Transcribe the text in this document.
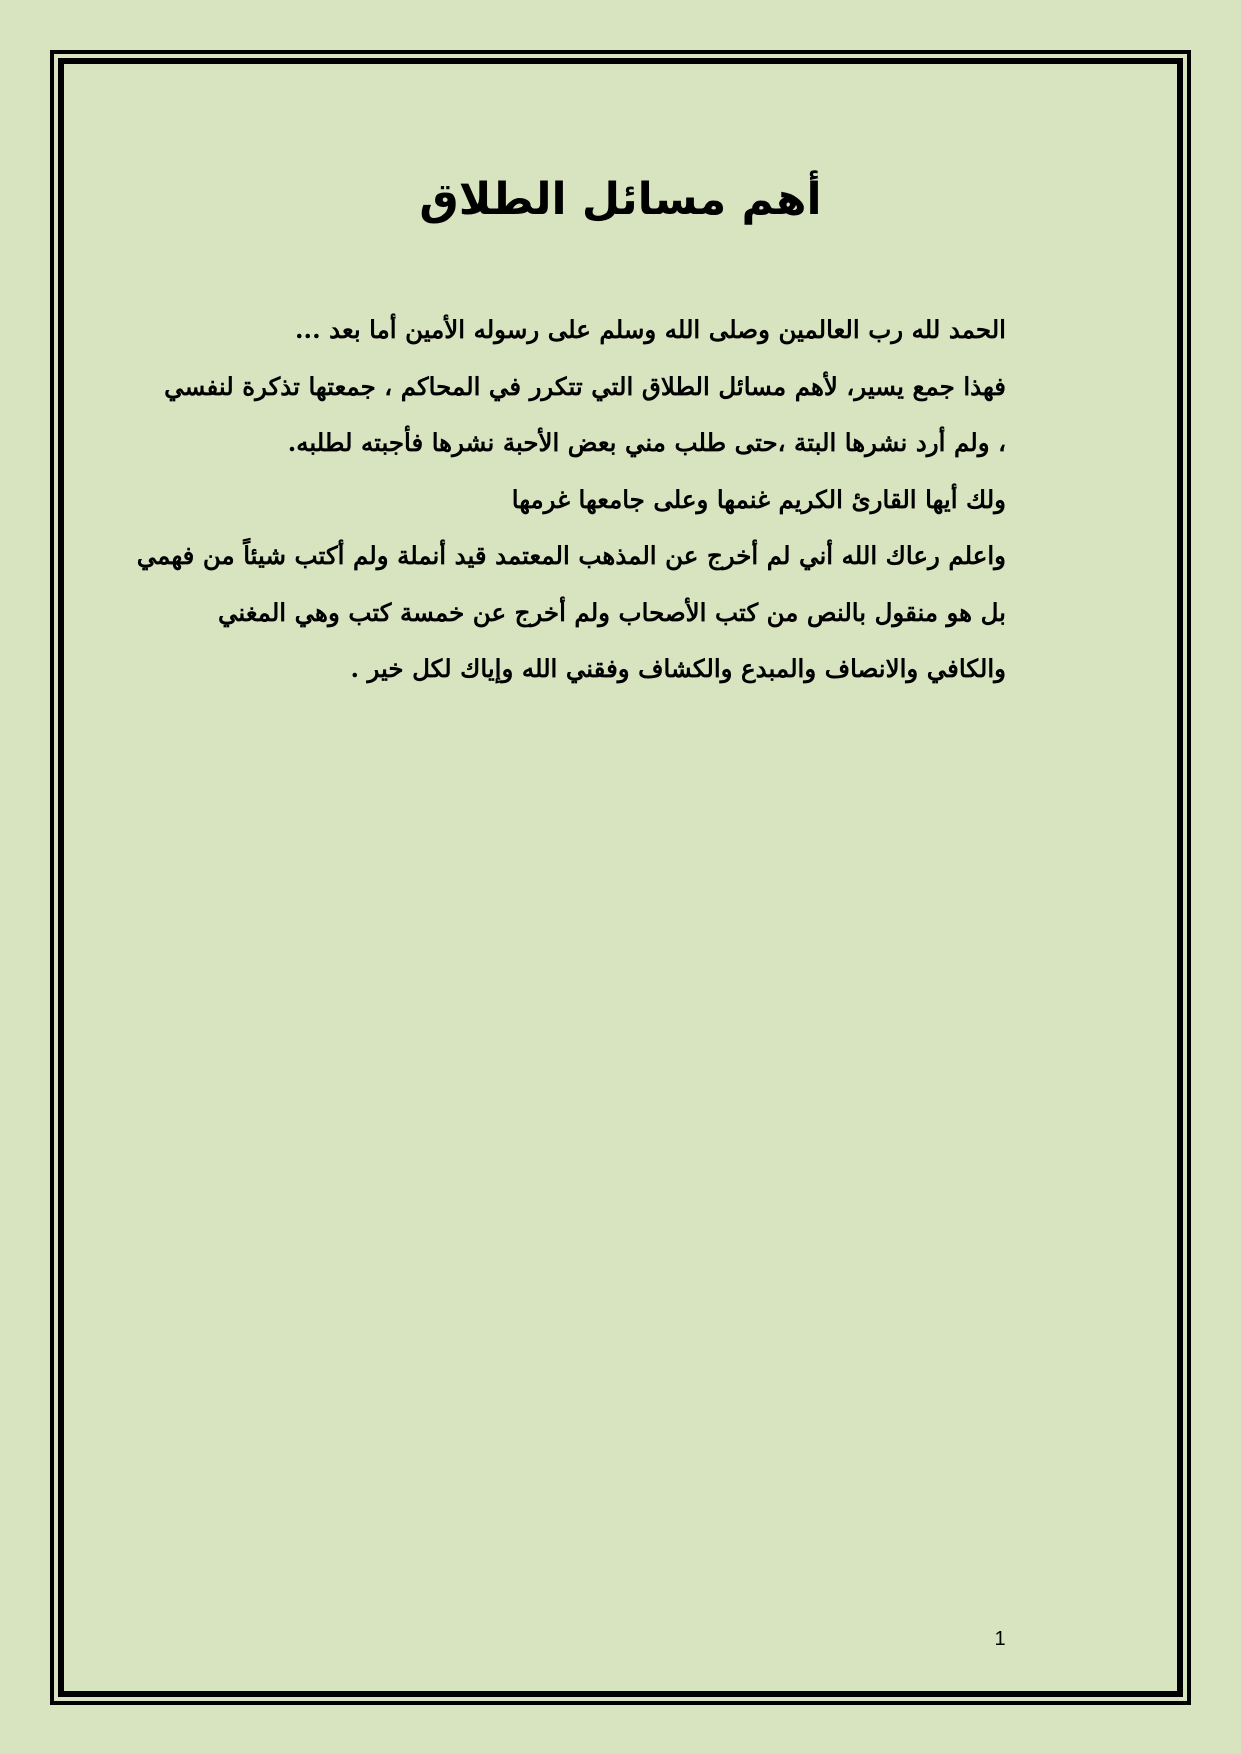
أهم مسائل الطلاق
الحمد لله رب العالمين وصلى الله وسلم على رسوله الأمين أما بعد ...
فهذا جمع يسير، لأهم مسائل الطلاق التي تتكرر في المحاكم ، جمعتها تذكرة لنفسي
، ولم أرد نشرها البتة ،حتى طلب مني بعض الأحبة نشرها فأجبته لطلبه.
ولك أيها القارئ الكريم غنمها وعلى جامعها غرمها
واعلم رعاك الله أني لم أخرج عن المذهب المعتمد قيد أنملة ولم أكتب شيئاً من فهمي
بل هو منقول بالنص من كتب الأصحاب ولم أخرج عن خمسة كتب وهي المغني
والكافي والانصاف والمبدع والكشاف وفقني الله وإياك لكل خير .
1
